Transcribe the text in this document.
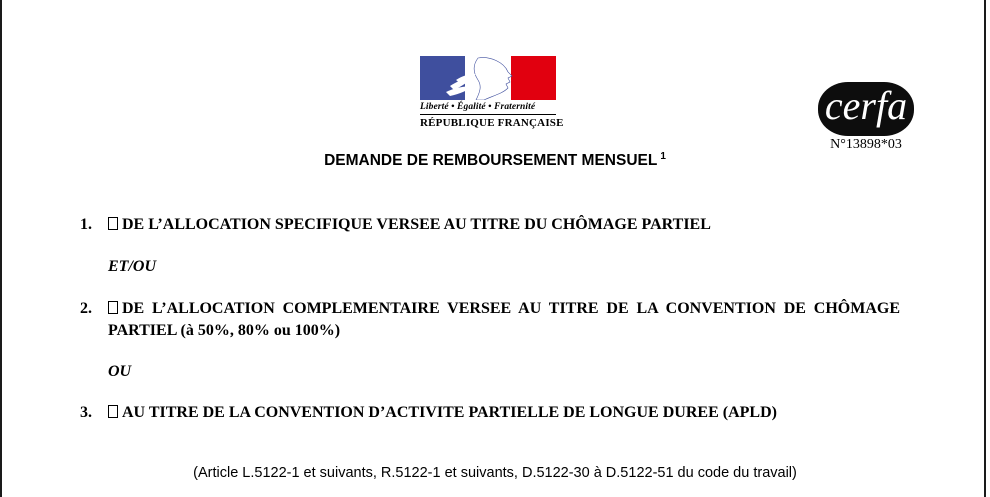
Liberté • Égalité • Fraternité
RÉPUBLIQUE FRANÇAISE	cerfa
N°13898*03
DEMANDE DE REMBOURSEMENT MENSUEL $^1$
1.	DE L’ALLOCATION SPECIFIQUE VERSEE AU TITRE DU CHÔMAGE PARTIEL
ET/OU
2.	DE L’ALLOCATION COMPLEMENTAIRE VERSEE AU TITRE DE LA CONVENTION DE CHÔMAGE PARTIEL (à 50%, 80% ou 100%)
OU
3.	AU TITRE DE LA CONVENTION D’ACTIVITE PARTIELLE DE LONGUE DUREE (APLD)
(Article L.5122-1 et suivants, R.5122-1 et suivants, D.5122-30 à D.5122-51 du code du travail)
